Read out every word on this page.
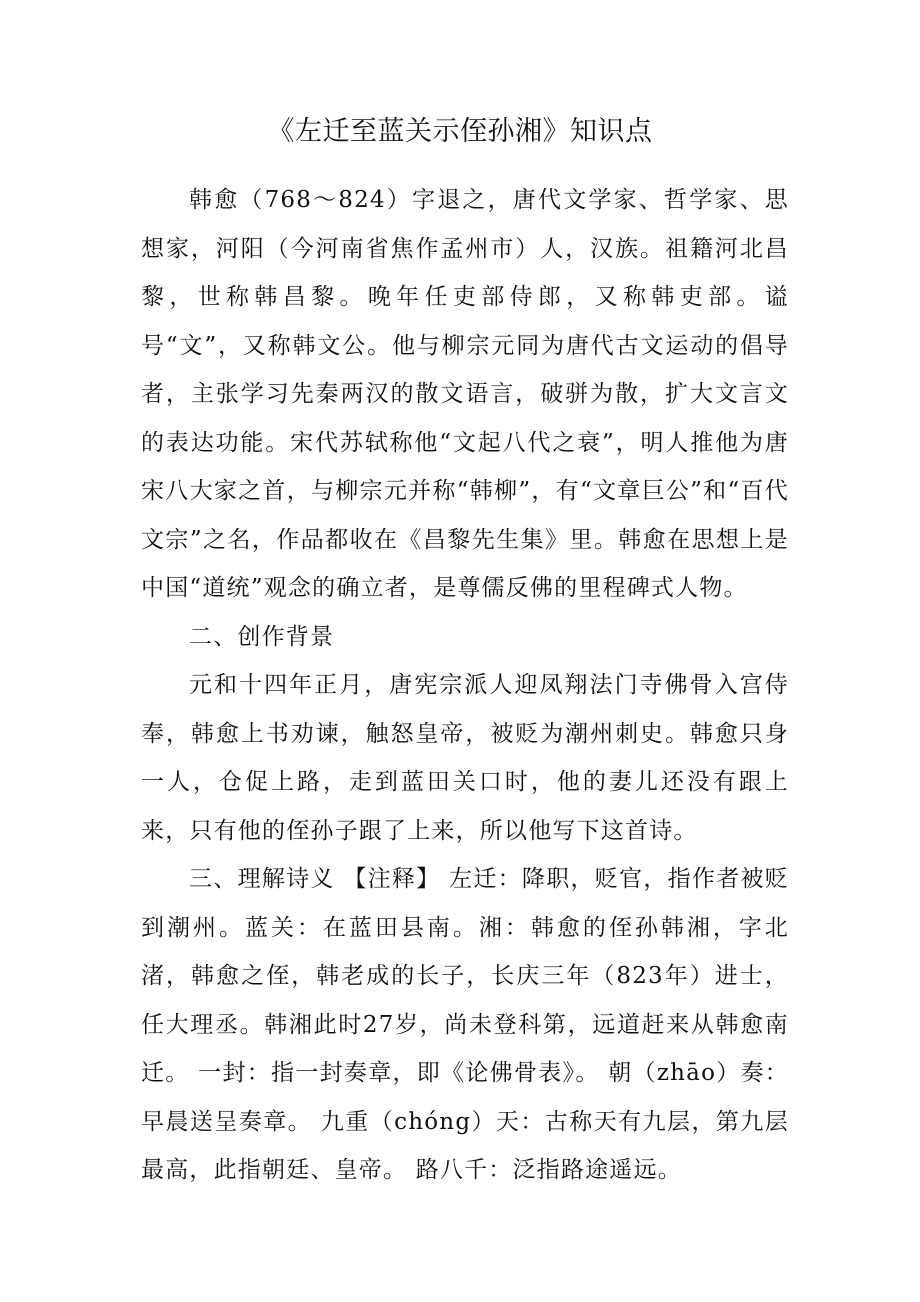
《左迁至蓝关示侄孙湘》知识点

韩愈（768～824）字退之，唐代文学家、哲学家、思想家，河阳（今河南省焦作孟州市）人，汉族。祖籍河北昌黎，世称韩昌黎。晚年任吏部侍郎，又称韩吏部。谥号“文”，又称韩文公。他与柳宗元同为唐代古文运动的倡导者，主张学习先秦两汉的散文语言，破骈为散，扩大文言文的表达功能。宋代苏轼称他“文起八代之衰”，明人推他为唐宋八大家之首，与柳宗元并称“韩柳”，有“文章巨公”和“百代文宗”之名，作品都收在《昌黎先生集》里。韩愈在思想上是中国“道统”观念的确立者，是尊儒反佛的里程碑式人物。

二、创作背景

元和十四年正月，唐宪宗派人迎凤翔法门寺佛骨入宫侍奉，韩愈上书劝谏，触怒皇帝，被贬为潮州刺史。韩愈只身一人，仓促上路，走到蓝田关口时，他的妻儿还没有跟上来，只有他的侄孙子跟了上来，所以他写下这首诗。

三、理解诗义 【注释】 左迁：降职，贬官，指作者被贬到潮州。蓝关：在蓝田县南。湘：韩愈的侄孙韩湘，字北渚，韩愈之侄，韩老成的长子，长庆三年（823年）进士，任大理丞。韩湘此时27岁，尚未登科第，远道赶来从韩愈南迁。 一封：指一封奏章，即《论佛骨表》。 朝（zhāo）奏：早晨送呈奏章。 九重（chóng）天：古称天有九层，第九层最高，此指朝廷、皇帝。 路八千：泛指路途遥远。
